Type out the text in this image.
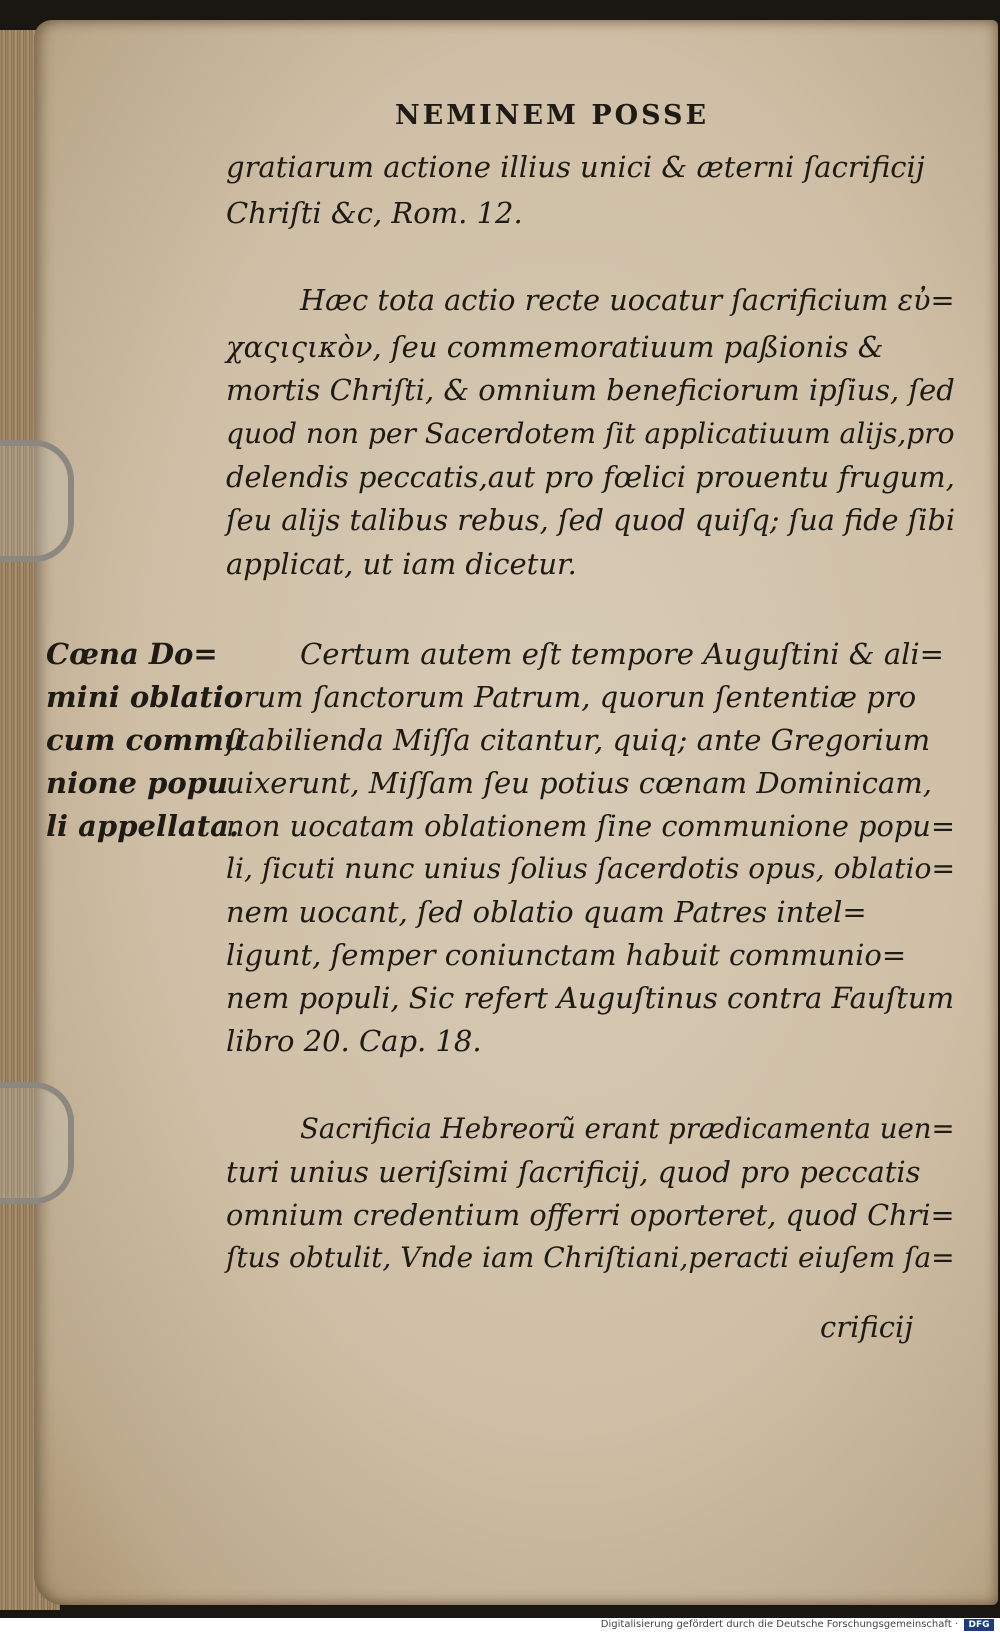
NEMINEM POSSE
gratiarum actione illius unici & æterni ſacrificij
Chriſti &c, Rom. 12.
Hæc tota actio recte uocatur ſacrificium εὐ=
χαςιςικὸν, ſeu commemoratiuum paßionis &
mortis Chriſti, & omnium beneficiorum ipſius, ſed
quod non per Sacerdotem ſit applicatiuum alijs,pro
delendis peccatis,aut pro fœlici prouentu frugum,
ſeu alijs talibus rebus, ſed quod quiſq; ſua fide ſibi
applicat, ut iam dicetur.
Cœna Do=
mini oblatio
cum commu
nione popu
li appellata.
Certum autem eſt tempore Auguſtini & ali=
orum ſanctorum Patrum, quorun ſententiæ pro
ſtabilienda Miſſa citantur, quiq; ante Gregorium
uixerunt, Miſſam ſeu potius cœnam Dominicam,
non uocatam oblationem ſine communione popu=
li, ſicuti nunc unius ſolius ſacerdotis opus, oblatio=
nem uocant, ſed oblatio quam Patres intel=
ligunt, ſemper coniunctam habuit communio=
nem populi, Sic refert Auguſtinus contra Fauſtum
libro 20. Cap. 18.
Sacrificia Hebreorũ erant prædicamenta uen=
turi unius ueriſsimi ſacrificij, quod pro peccatis
omnium credentium offerri oporteret, quod Chri=
ſtus obtulit, Vnde iam Chriſtiani,peracti eiuſem ſa=
crificij
Digitalisierung gefördert durch die Deutsche Forschungsgemeinschaft ·	DFG
